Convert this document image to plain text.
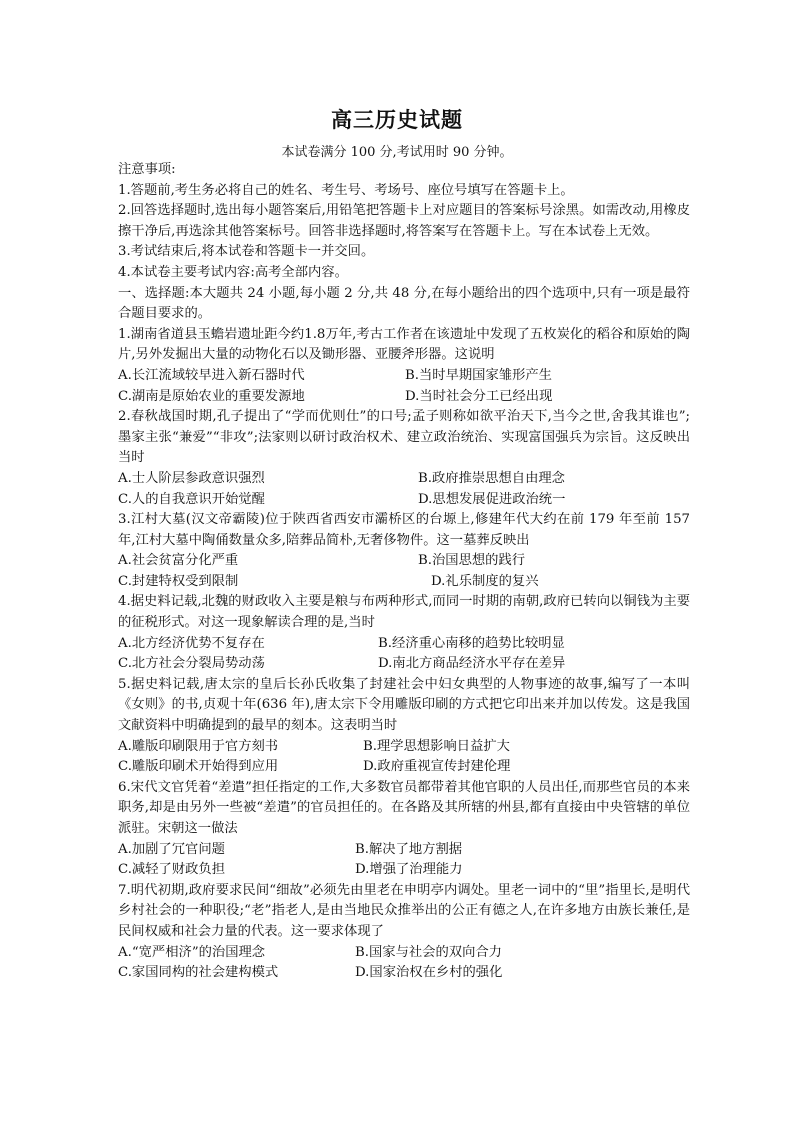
高三历史试题
本试卷满分 100 分,考试用时 90 分钟。

注意事项:

1.答题前,考生务必将自己的姓名、考生号、考场号、座位号填写在答题卡上。

2.回答选择题时,选出每小题答案后,用铅笔把答题卡上对应题目的答案标号涂黑。如需改动,用橡皮擦干净后,再选涂其他答案标号。回答非选择题时,将答案写在答题卡上。写在本试卷上无效。

3.考试结束后,将本试卷和答题卡一并交回。

4.本试卷主要考试内容:高考全部内容。

一、选择题:本大题共 24 小题,每小题 2 分,共 48 分,在每小题给出的四个选项中,只有一项是最符合题目要求的。

1.湖南省道县玉蟾岩遗址距今约1.8万年,考古工作者在该遗址中发现了五枚炭化的稻谷和原始的陶片,另外发掘出大量的动物化石以及锄形器、亚腰斧形器。这说明

A.长江流域较早进入新石器时代	B.当时早期国家雏形产生
C.湖南是原始农业的重要发源地	D.当时社会分工已经出现

2.春秋战国时期,孔子提出了“学而优则仕”的口号;孟子则称如欲平治天下,当今之世,舍我其谁也”;墨家主张“兼爱”“非攻”;法家则以研讨政治权术、建立政治统治、实现富国强兵为宗旨。这反映出当时

A.士人阶层参政意识强烈	B.政府推崇思想自由理念
C.人的自我意识开始觉醒	D.思想发展促进政治统一

3.江村大墓(汉文帝霸陵)位于陕西省西安市灞桥区的台塬上,修建年代大约在前 179 年至前 157 年,江村大墓中陶俑数量众多,陪葬品简朴,无奢侈物件。这一墓葬反映出

A.社会贫富分化严重	B.治国思想的践行
C.封建特权受到限制	D.礼乐制度的复兴

4.据史料记载,北魏的财政收入主要是粮与布两种形式,而同一时期的南朝,政府已转向以铜钱为主要的征税形式。对这一现象解读合理的是,当时

A.北方经济优势不复存在	B.经济重心南移的趋势比较明显
C.北方社会分裂局势动荡	D.南北方商品经济水平存在差异

5.据史料记载,唐太宗的皇后长孙氏收集了封建社会中妇女典型的人物事迹的故事,编写了一本叫《女则》的书,贞观十年(636 年),唐太宗下令用雕版印刷的方式把它印出来并加以传发。这是我国文献资料中明确提到的最早的刻本。这表明当时

A.雕版印刷限用于官方刻书	B.理学思想影响日益扩大
C.雕版印刷术开始得到应用	D.政府重视宣传封建伦理

6.宋代文官凭着“差遣”担任指定的工作,大多数官员都带着其他官职的人员出任,而那些官员的本来职务,却是由另外一些被“差遣”的官员担任的。在各路及其所辖的州县,都有直接由中央管辖的单位派驻。宋朝这一做法

A.加剧了冗官问题	B.解决了地方割据
C.减轻了财政负担	D.增强了治理能力

7.明代初期,政府要求民间“细故”必须先由里老在申明亭内调处。里老一词中的“里”指里长,是明代乡村社会的一种职役;“老”指老人,是由当地民众推举出的公正有德之人,在许多地方由族长兼任,是民间权威和社会力量的代表。这一要求体现了

A.“宽严相济”的治国理念	B.国家与社会的双向合力
C.家国同构的社会建构模式	D.国家治权在乡村的强化
